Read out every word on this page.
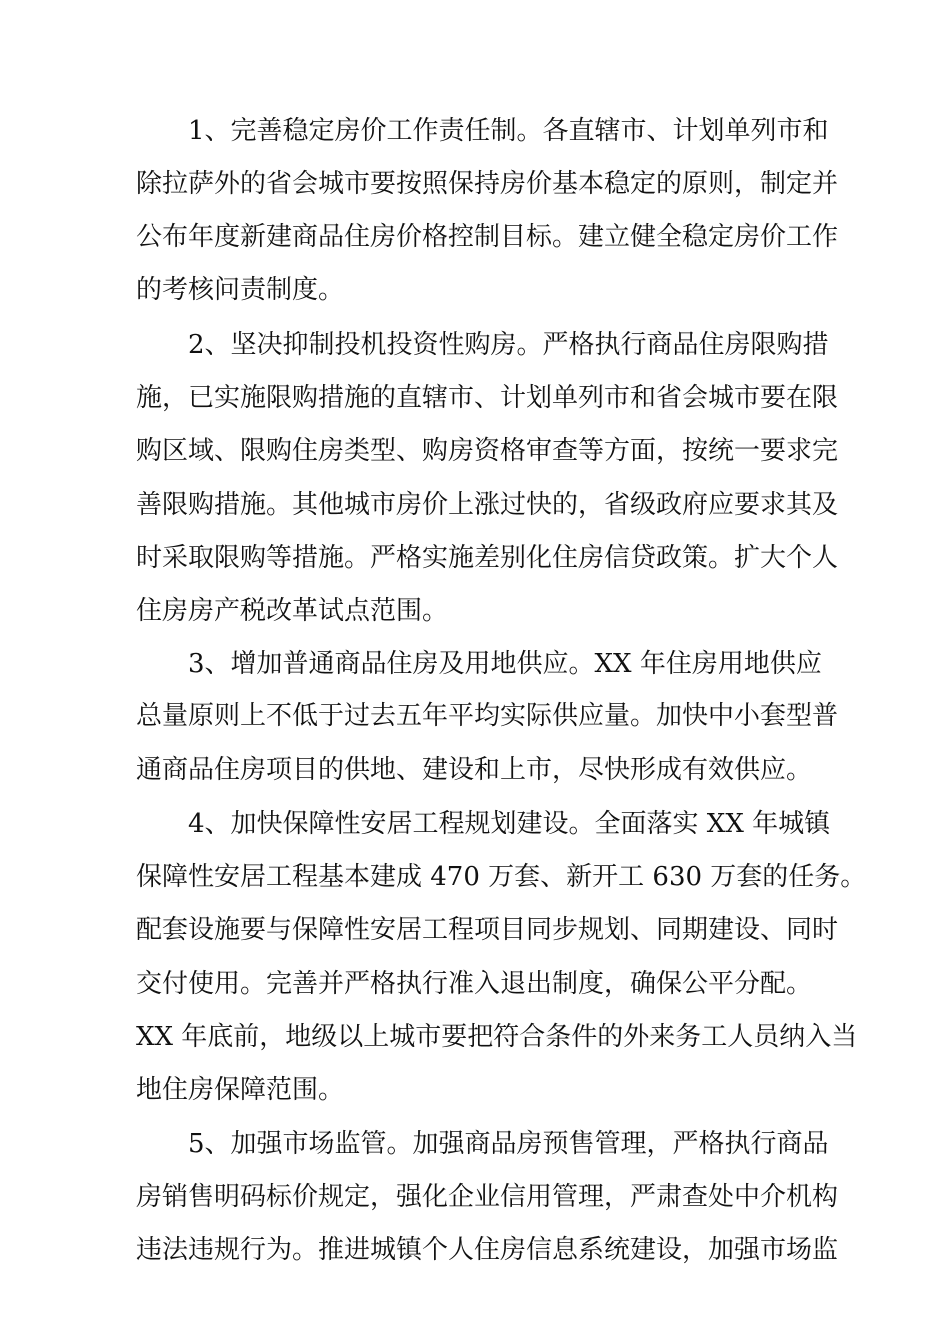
1、完善稳定房价工作责任制。各直辖市、计划单列市和
除拉萨外的省会城市要按照保持房价基本稳定的原则，制定并
公布年度新建商品住房价格控制目标。建立健全稳定房价工作
的考核问责制度。
2、坚决抑制投机投资性购房。严格执行商品住房限购措
施，已实施限购措施的直辖市、计划单列市和省会城市要在限
购区域、限购住房类型、购房资格审查等方面，按统一要求完
善限购措施。其他城市房价上涨过快的，省级政府应要求其及
时采取限购等措施。严格实施差别化住房信贷政策。扩大个人
住房房产税改革试点范围。
3、增加普通商品住房及用地供应。XX 年住房用地供应
总量原则上不低于过去五年平均实际供应量。加快中小套型普
通商品住房项目的供地、建设和上市，尽快形成有效供应。
4、加快保障性安居工程规划建设。全面落实 XX 年城镇
保障性安居工程基本建成 470 万套、新开工 630 万套的任务。
配套设施要与保障性安居工程项目同步规划、同期建设、同时
交付使用。完善并严格执行准入退出制度，确保公平分配。
XX 年底前，地级以上城市要把符合条件的外来务工人员纳入当
地住房保障范围。
5、加强市场监管。加强商品房预售管理，严格执行商品
房销售明码标价规定，强化企业信用管理，严肃查处中介机构
违法违规行为。推进城镇个人住房信息系统建设，加强市场监
